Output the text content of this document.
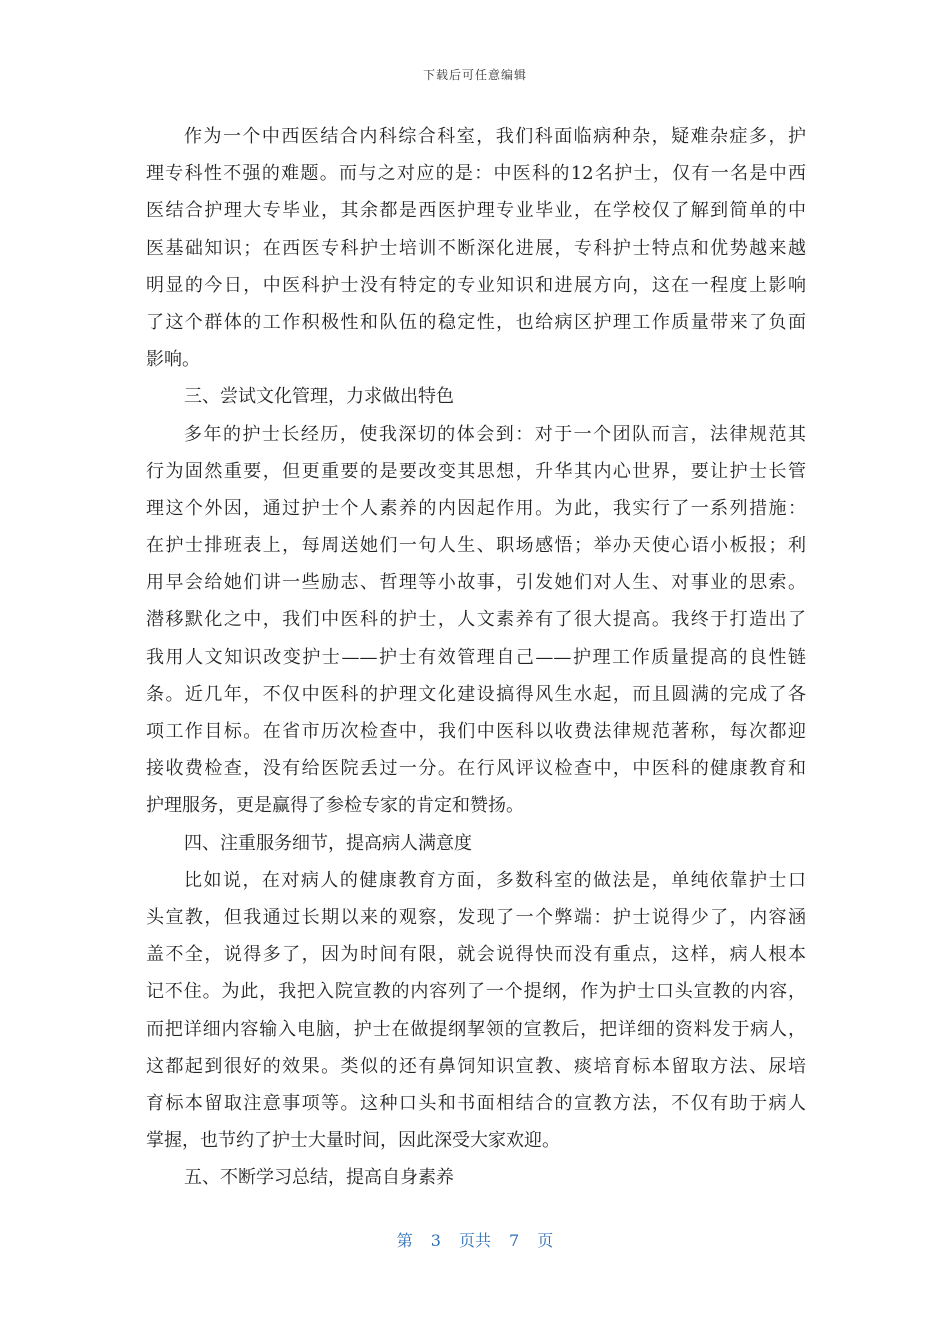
下载后可任意编辑
作为一个中西医结合内科综合科室，我们科面临病种杂，疑难杂症多，护
理专科性不强的难题。而与之对应的是：中医科的12名护士，仅有一名是中西
医结合护理大专毕业，其余都是西医护理专业毕业，在学校仅了解到简单的中
医基础知识；在西医专科护士培训不断深化进展，专科护士特点和优势越来越
明显的今日，中医科护士没有特定的专业知识和进展方向，这在一程度上影响
了这个群体的工作积极性和队伍的稳定性，也给病区护理工作质量带来了负面
影响。
三、尝试文化管理，力求做出特色
多年的护士长经历，使我深切的体会到：对于一个团队而言，法律规范其
行为固然重要，但更重要的是要改变其思想，升华其内心世界，要让护士长管
理这个外因，通过护士个人素养的内因起作用。为此，我实行了一系列措施：
在护士排班表上，每周送她们一句人生、职场感悟；举办天使心语小板报；利
用早会给她们讲一些励志、哲理等小故事，引发她们对人生、对事业的思索。
潜移默化之中，我们中医科的护士，人文素养有了很大提高。我终于打造出了
我用人文知识改变护士——护士有效管理自己——护理工作质量提高的良性链
条。近几年，不仅中医科的护理文化建设搞得风生水起，而且圆满的完成了各
项工作目标。在省市历次检查中，我们中医科以收费法律规范著称，每次都迎
接收费检查，没有给医院丢过一分。在行风评议检查中，中医科的健康教育和
护理服务，更是赢得了参检专家的肯定和赞扬。
四、注重服务细节，提高病人满意度
比如说，在对病人的健康教育方面，多数科室的做法是，单纯依靠护士口
头宣教，但我通过长期以来的观察，发现了一个弊端：护士说得少了，内容涵
盖不全，说得多了，因为时间有限，就会说得快而没有重点，这样，病人根本
记不住。为此，我把入院宣教的内容列了一个提纲，作为护士口头宣教的内容，
而把详细内容输入电脑，护士在做提纲挈领的宣教后，把详细的资料发于病人，
这都起到很好的效果。类似的还有鼻饲知识宣教、痰培育标本留取方法、尿培
育标本留取注意事项等。这种口头和书面相结合的宣教方法，不仅有助于病人
掌握，也节约了护士大量时间，因此深受大家欢迎。
五、不断学习总结，提高自身素养
第 3 页共 7 页
